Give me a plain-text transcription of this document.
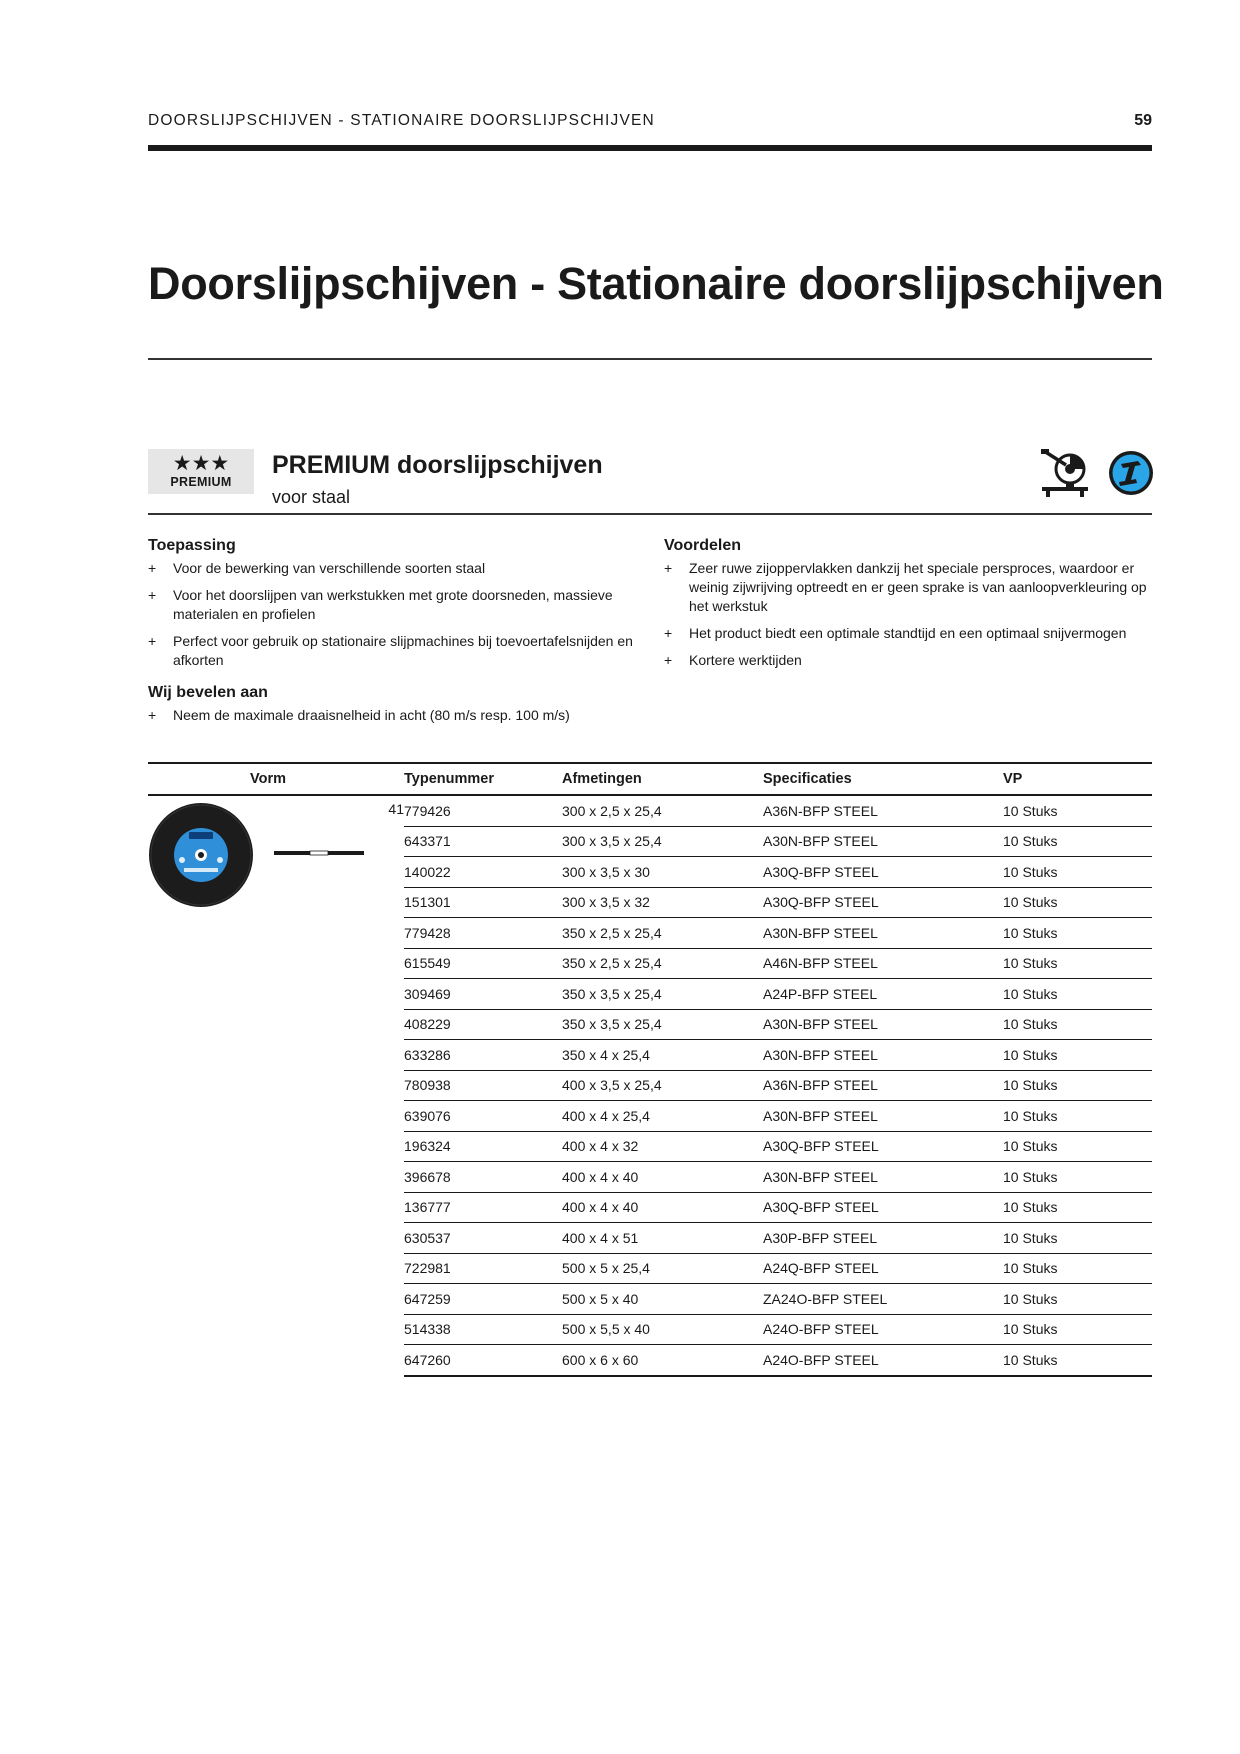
DOORSLIJPSCHIJVEN - STATIONAIRE DOORSLIJPSCHIJVEN	59
Doorslijpschijven - Stationaire doorslijpschijven
★★★
PREMIUM
PREMIUM doorslijpschijven
voor staal
Toepassing
+	Voor de bewerking van verschillende soorten staal
+	Voor het doorslijpen van werkstukken met grote doorsneden, massieve materialen en profielen
+	Perfect voor gebruik op stationaire slijpmachines bij toevoertafelsnijden en afkorten
Wij bevelen aan
+	Neem de maximale draaisnelheid in acht (80 m/s resp. 100 m/s)
Voordelen
+	Zeer ruwe zijoppervlakken dankzij het speciale persproces, waardoor er weinig zijwrijving optreedt en er geen sprake is van aanloopverkleuring op het werkstuk
+	Het product biedt een optimale standtijd en een optimaal snijvermogen
+	Kortere werktijden
Vorm		Typenummer	Afmetingen	Specificaties	VP

41		779426	300 x 2,5 x 25,4	A36N-BFP STEEL	10 Stuks
		643371	300 x 3,5 x 25,4	A30N-BFP STEEL	10 Stuks
		140022	300 x 3,5 x 30	A30Q-BFP STEEL	10 Stuks
		151301	300 x 3,5 x 32	A30Q-BFP STEEL	10 Stuks
		779428	350 x 2,5 x 25,4	A30N-BFP STEEL	10 Stuks
		615549	350 x 2,5 x 25,4	A46N-BFP STEEL	10 Stuks
		309469	350 x 3,5 x 25,4	A24P-BFP STEEL	10 Stuks
		408229	350 x 3,5 x 25,4	A30N-BFP STEEL	10 Stuks
		633286	350 x 4 x 25,4	A30N-BFP STEEL	10 Stuks
		780938	400 x 3,5 x 25,4	A36N-BFP STEEL	10 Stuks
		639076	400 x 4 x 25,4	A30N-BFP STEEL	10 Stuks
		196324	400 x 4 x 32	A30Q-BFP STEEL	10 Stuks
		396678	400 x 4 x 40	A30N-BFP STEEL	10 Stuks
		136777	400 x 4 x 40	A30Q-BFP STEEL	10 Stuks
		630537	400 x 4 x 51	A30P-BFP STEEL	10 Stuks
		722981	500 x 5 x 25,4	A24Q-BFP STEEL	10 Stuks
		647259	500 x 5 x 40	ZA24O-BFP STEEL	10 Stuks
		514338	500 x 5,5 x 40	A24O-BFP STEEL	10 Stuks
		647260	600 x 6 x 60	A24O-BFP STEEL	10 Stuks
